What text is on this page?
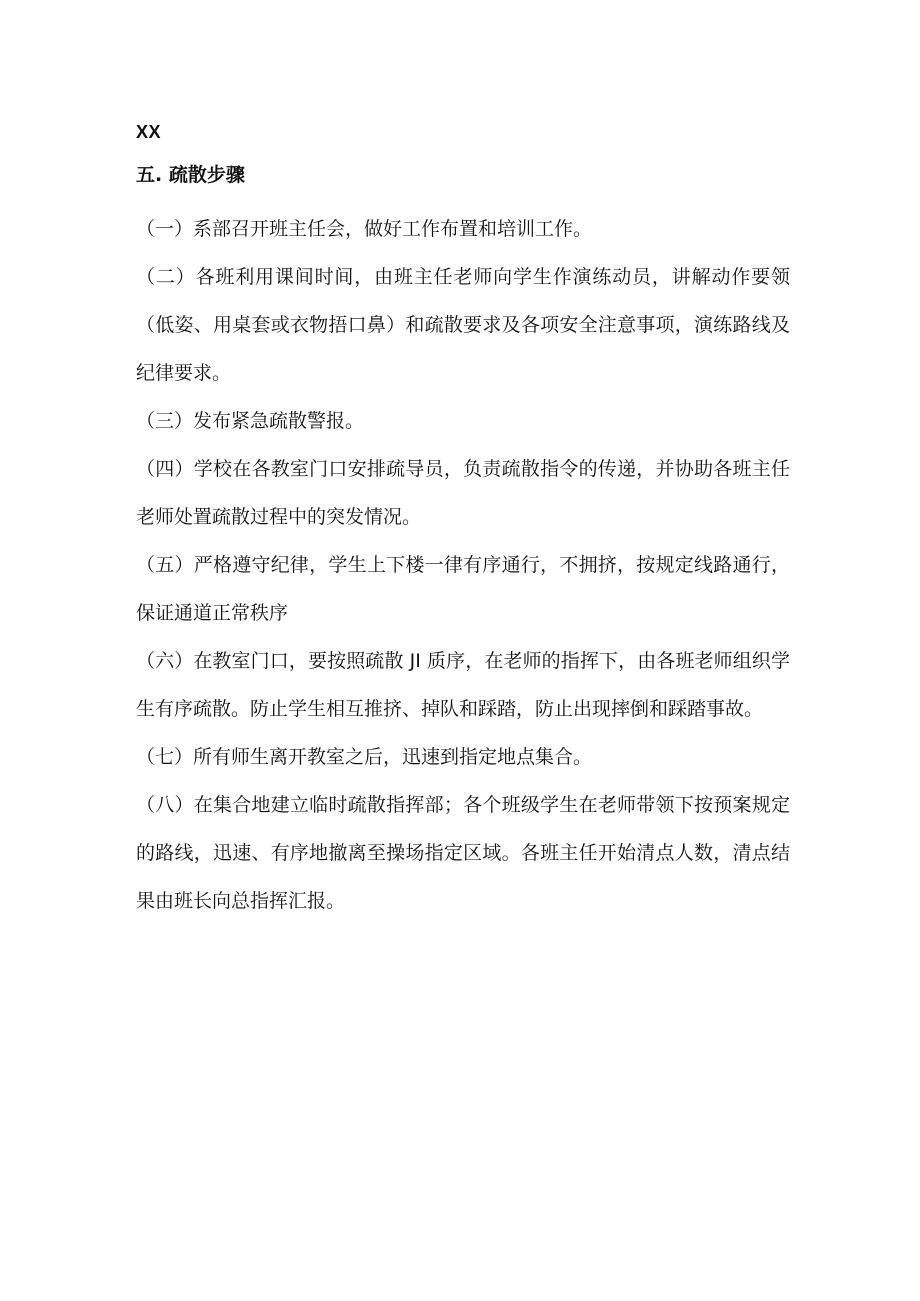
XX
五. 疏散步骤

（一）系部召开班主任会，做好工作布置和培训工作。

（二）各班利用课间时间，由班主任老师向学生作演练动员，讲解动作要领（低姿、用桌套或衣物捂口鼻）和疏散要求及各项安全注意事项，演练路线及纪律要求。

（三）发布紧急疏散警报。

（四）学校在各教室门口安排疏导员，负责疏散指令的传递，并协助各班主任老师处置疏散过程中的突发情况。

（五）严格遵守纪律，学生上下楼一律有序通行，不拥挤，按规定线路通行，保证通道正常秩序

（六）在教室门口，要按照疏散 JI 质序，在老师的指挥下，由各班老师组织学生有序疏散。防止学生相互推挤、掉队和踩踏，防止出现摔倒和踩踏事故。

（七）所有师生离开教室之后，迅速到指定地点集合。

（八）在集合地建立临时疏散指挥部；各个班级学生在老师带领下按预案规定的路线，迅速、有序地撤离至操场指定区域。各班主任开始清点人数，清点结果由班长向总指挥汇报。
